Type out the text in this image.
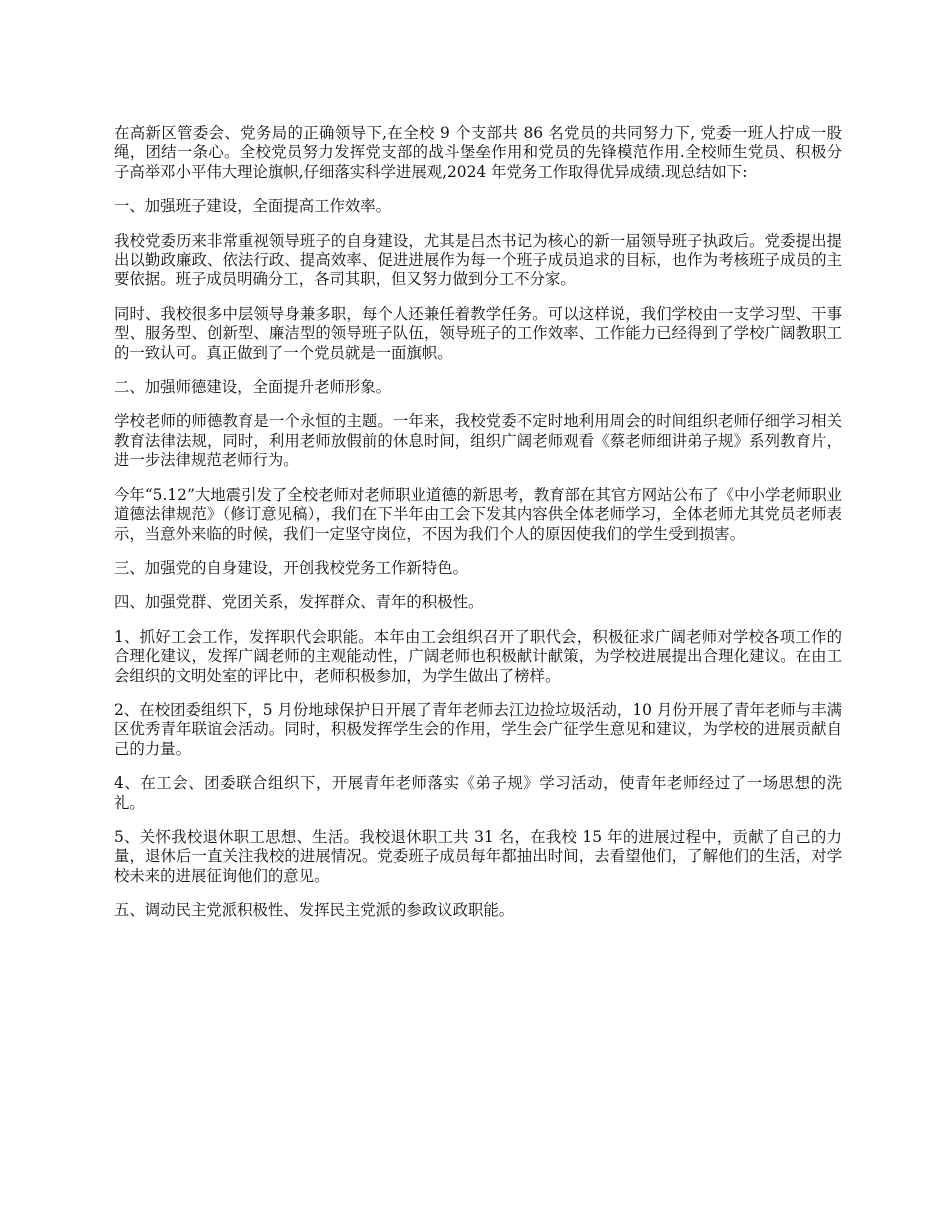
在高新区管委会、党务局的正确领导下,在全校 9 个支部共 86 名党员的共同努力下, 党委一班人拧成一股绳，团结一条心。全校党员努力发挥党支部的战斗堡垒作用和党员的先锋模范作用.全校师生党员、积极分子高举邓小平伟大理论旗帜,仔细落实科学进展观,2024 年党务工作取得优异成绩.现总结如下:

一、加强班子建设，全面提高工作效率。

我校党委历来非常重视领导班子的自身建设，尤其是吕杰书记为核心的新一届领导班子执政后。党委提出提出以勤政廉政、依法行政、提高效率、促进进展作为每一个班子成员追求的目标，也作为考核班子成员的主要依据。班子成员明确分工，各司其职，但又努力做到分工不分家。

同时、我校很多中层领导身兼多职，每个人还兼任着教学任务。可以这样说，我们学校由一支学习型、干事型、服务型、创新型、廉洁型的领导班子队伍，领导班子的工作效率、工作能力已经得到了学校广阔教职工的一致认可。真正做到了一个党员就是一面旗帜。

二、加强师德建设，全面提升老师形象。

学校老师的师德教育是一个永恒的主题。一年来，我校党委不定时地利用周会的时间组织老师仔细学习相关教育法律法规，同时，利用老师放假前的休息时间，组织广阔老师观看《蔡老师细讲弟子规》系列教育片，进一步法律规范老师行为。

今年“5.12”大地震引发了全校老师对老师职业道德的新思考，教育部在其官方网站公布了《中小学老师职业道德法律规范》（修订意见稿），我们在下半年由工会下发其内容供全体老师学习，全体老师尤其党员老师表示，当意外来临的时候，我们一定坚守岗位，不因为我们个人的原因使我们的学生受到损害。

三、加强党的自身建设，开创我校党务工作新特色。

四、加强党群、党团关系，发挥群众、青年的积极性。

1、抓好工会工作，发挥职代会职能。本年由工会组织召开了职代会，积极征求广阔老师对学校各项工作的合理化建议，发挥广阔老师的主观能动性，广阔老师也积极献计献策，为学校进展提出合理化建议。在由工会组织的文明处室的评比中，老师积极参加，为学生做出了榜样。

2、在校团委组织下，5 月份地球保护日开展了青年老师去江边捡垃圾活动，10 月份开展了青年老师与丰满区优秀青年联谊会活动。同时，积极发挥学生会的作用，学生会广征学生意见和建议，为学校的进展贡献自己的力量。

4、在工会、团委联合组织下，开展青年老师落实《弟子规》学习活动，使青年老师经过了一场思想的洗礼。

5、关怀我校退休职工思想、生活。我校退休职工共 31 名，在我校 15 年的进展过程中，贡献了自己的力量，退休后一直关注我校的进展情况。党委班子成员每年都抽出时间，去看望他们，了解他们的生活，对学校未来的进展征询他们的意见。

五、调动民主党派积极性、发挥民主党派的参政议政职能。
